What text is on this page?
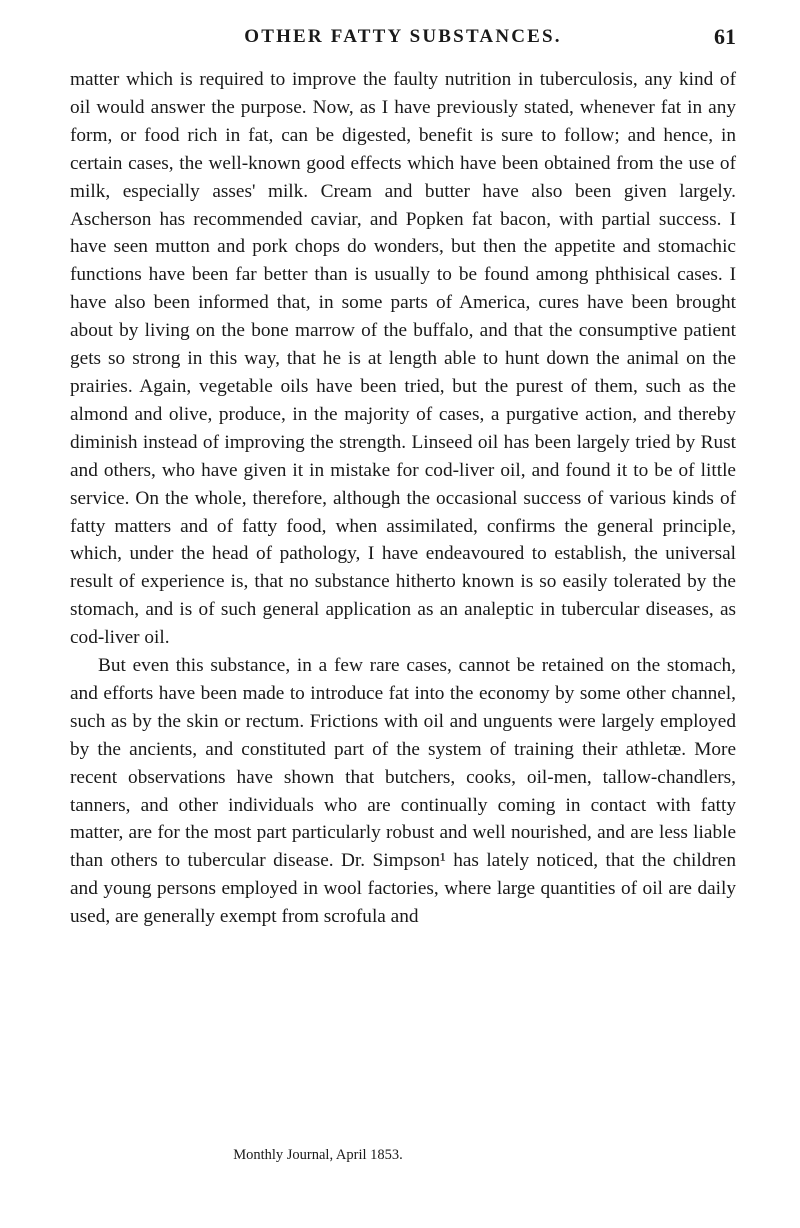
OTHER FATTY SUBSTANCES.	61

matter which is required to improve the faulty nutrition in tuberculosis, any kind of oil would answer the purpose. Now, as I have previously stated, whenever fat in any form, or food rich in fat, can be digested, benefit is sure to follow; and hence, in certain cases, the well-known good effects which have been obtained from the use of milk, especially asses' milk. Cream and butter have also been given largely. Ascherson has recommended caviar, and Popken fat bacon, with partial success. I have seen mutton and pork chops do wonders, but then the appetite and stomachic functions have been far better than is usually to be found among phthisical cases. I have also been informed that, in some parts of America, cures have been brought about by living on the bone marrow of the buffalo, and that the consumptive patient gets so strong in this way, that he is at length able to hunt down the animal on the prairies. Again, vegetable oils have been tried, but the purest of them, such as the almond and olive, produce, in the majority of cases, a purgative action, and thereby diminish instead of improving the strength. Linseed oil has been largely tried by Rust and others, who have given it in mistake for cod-liver oil, and found it to be of little service. On the whole, therefore, although the occasional success of various kinds of fatty matters and of fatty food, when assimilated, confirms the general principle, which, under the head of pathology, I have endeavoured to establish, the universal result of experience is, that no substance hitherto known is so easily tolerated by the stomach, and is of such general application as an analeptic in tubercular diseases, as cod-liver oil.

But even this substance, in a few rare cases, cannot be retained on the stomach, and efforts have been made to introduce fat into the economy by some other channel, such as by the skin or rectum. Frictions with oil and unguents were largely employed by the ancients, and constituted part of the system of training their athletæ. More recent observations have shown that butchers, cooks, oil-men, tallow-chandlers, tanners, and other individuals who are continually coming in contact with fatty matter, are for the most part particularly robust and well nourished, and are less liable than others to tubercular disease. Dr. Simpson¹ has lately noticed, that the children and young persons employed in wool factories, where large quantities of oil are daily used, are generally exempt from scrofula and

Monthly Journal, April 1853.
